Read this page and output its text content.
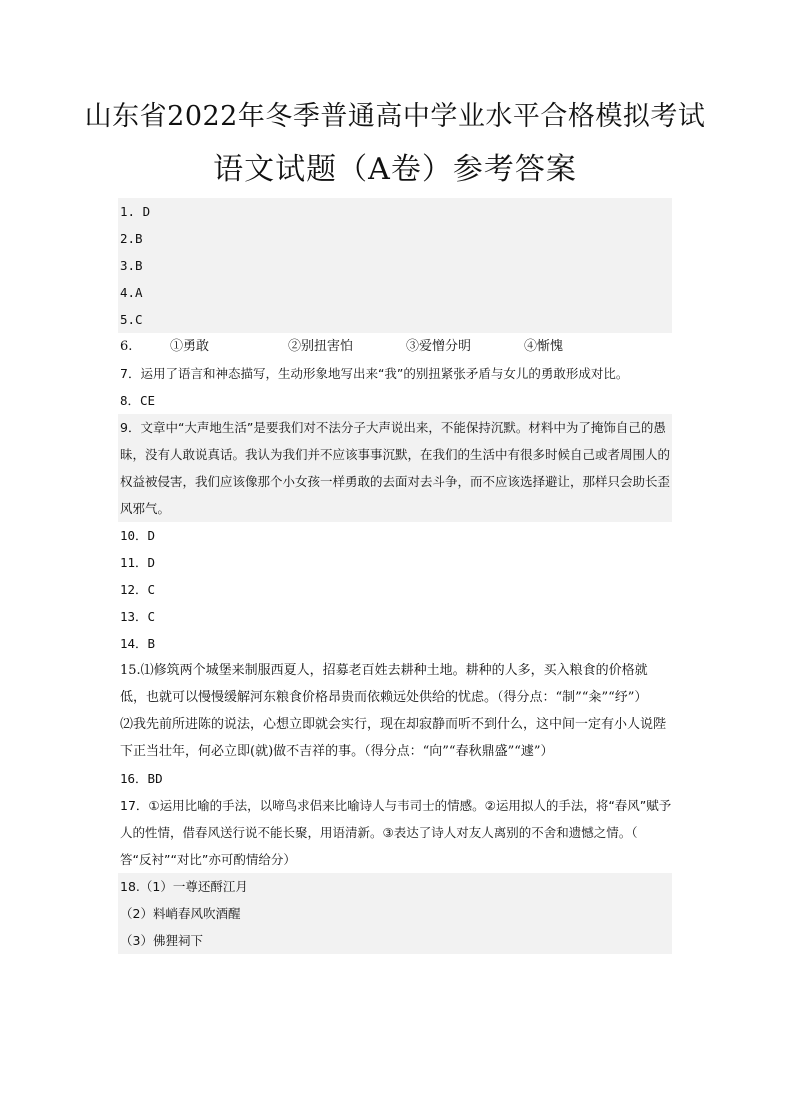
山东省2022年冬季普通高中学业水平合格模拟考试
语文试题（A卷）参考答案
1. D
2.B
3.B
4.A
5.C
6.	①勇敢	②别扭害怕	③爱憎分明	④惭愧
7．运用了语言和神态描写，生动形象地写出来“我”的别扭紧张矛盾与女儿的勇敢形成对比。
8．CE
9．文章中“大声地生活”是要我们对不法分子大声说出来，不能保持沉默。材料中为了掩饰自己的愚昧，没有人敢说真话。我认为我们并不应该事事沉默，在我们的生活中有很多时候自己或者周围人的权益被侵害，我们应该像那个小女孩一样勇敢的去面对去斗争，而不应该选择避让，那样只会助长歪风邪气。
10．D
11．D
12．C
13．C
14．B
15.⑴修筑两个城堡来制服西夏人，招募老百姓去耕种土地。耕种的人多，买入粮食的价格就低，也就可以慢慢缓解河东粮食价格昂贵而依赖远处供给的忧虑。（得分点：“制”“籴”“纾”）
⑵我先前所进陈的说法，心想立即就会实行，现在却寂静而听不到什么，这中间一定有小人说陛下正当壮年，何必立即(就)做不吉祥的事。（得分点：“向”“春秋鼎盛”“遽”）
16．BD
17．①运用比喻的手法，以啼鸟求侣来比喻诗人与韦司士的情感。②运用拟人的手法，将“春风”赋予人的性情，借春风送行说不能长聚，用语清新。③表达了诗人对友人离别的不舍和遗憾之情。（ 答“反衬”“对比”亦可酌情给分）
18.（1）一尊还酹江月
（2）料峭春风吹酒醒
（3）佛狸祠下
